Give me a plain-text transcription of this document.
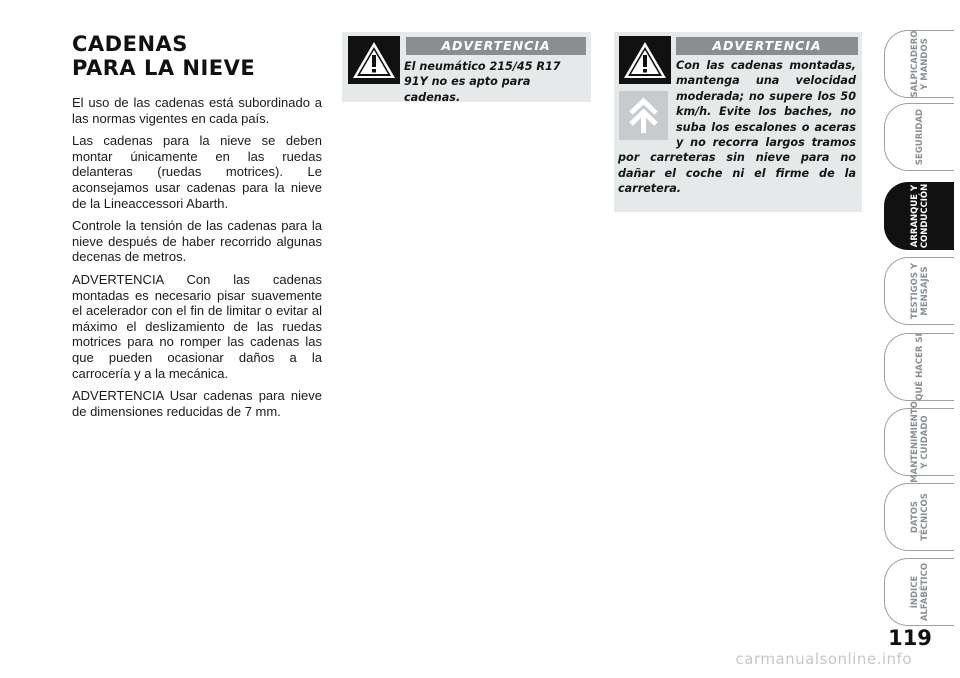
CADENAS
PARA LA NIEVE

El uso de las cadenas está subordinado a las normas vigentes en cada país.

Las cadenas para la nieve se deben montar únicamente en las ruedas delanteras (ruedas motrices). Le aconsejamos usar cadenas para la nieve de la Lineaccessori Abarth.

Controle la tensión de las cadenas para la nieve después de haber recorrido algunas decenas de metros.

ADVERTENCIA Con las cadenas montadas es necesario pisar suavemente el acelerador con el fin de limitar o evitar al máximo el deslizamiento de las ruedas motrices para no romper las cadenas las que pueden ocasionar daños a la carrocería y a la mecánica.

ADVERTENCIA Usar cadenas para nieve de dimensiones reducidas de 7 mm.

ADVERTENCIA
El neumático 215/45 R17 91Y no es apto para cadenas.
ADVERTENCIA
Con las cadenas montadas, mantenga una velocidad moderada; no supere los 50 km/h. Evite los baches, no suba los escalones o aceras y no recorra largos tramos por carreteras sin nieve para no dañar el coche ni el firme de la carretera.
SALPICADERO Y MANDOS
SEGURIDAD
ARRANQUE Y CONDUCCIÓN
TESTIGOS Y MENSAJES
QUÉ HACER SI
MANTENIMIENTO Y CUIDADO
DATOS TÉCNICOS
ÍNDICE ALFABÉTICO
119
carmanualsonline.info
